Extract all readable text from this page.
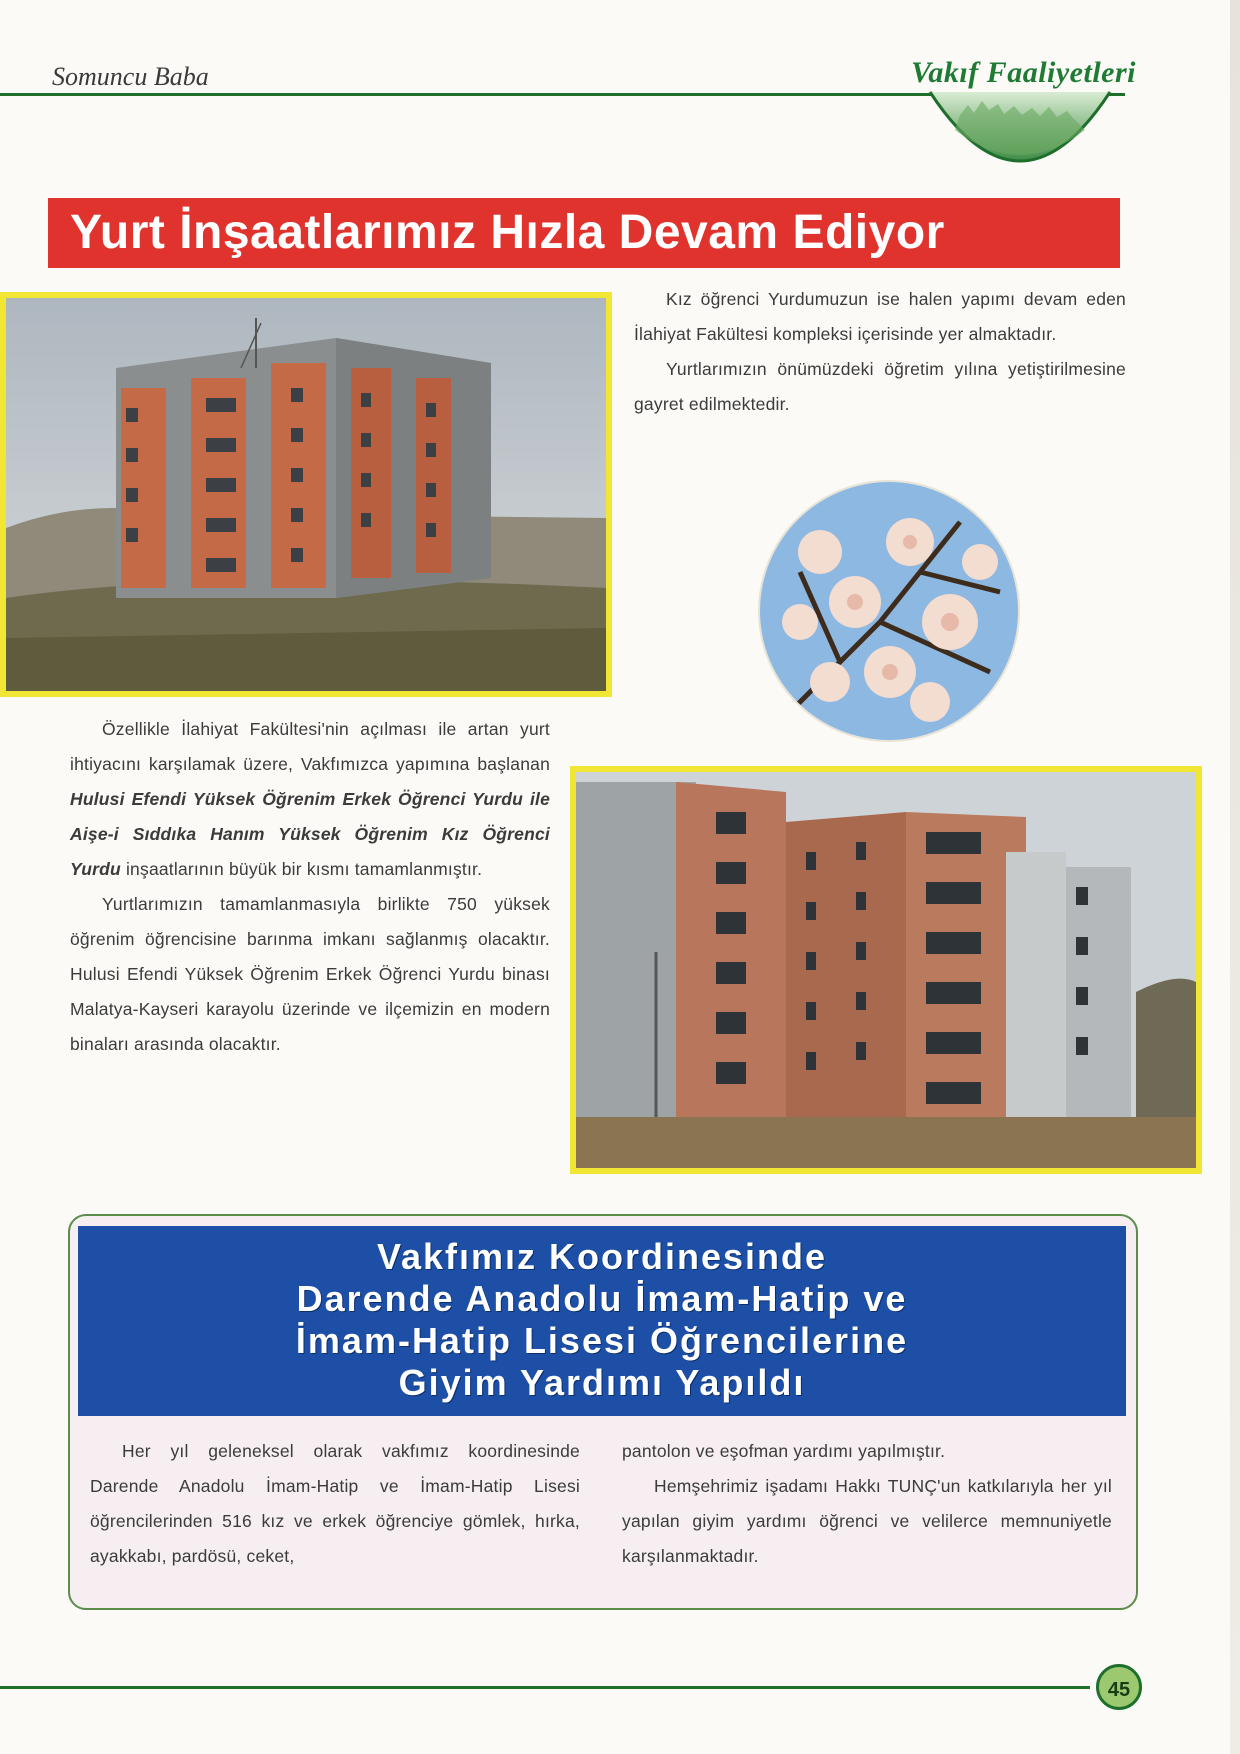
Somuncu Baba	Vakıf Faaliyetleri
Yurt İnşaatlarımız Hızla Devam Ediyor

Kız öğrenci Yurdumuzun ise halen yapımı devam eden İlahiyat Fakültesi kompleksi içerisinde yer almaktadır.

Yurtlarımızın önümüzdeki öğretim yılına yetiştirilmesine gayret edilmektedir.

Özellikle İlahiyat Fakültesi'nin açılması ile artan yurt ihtiyacını karşılamak üzere, Vakfımızca yapımına başlanan Hulusi Efendi Yüksek Öğrenim Erkek Öğrenci Yurdu ile Aişe-i Sıddıka Hanım Yüksek Öğrenim Kız Öğrenci Yurdu inşaatlarının büyük bir kısmı tamamlanmıştır.

Yurtlarımızın tamamlanmasıyla birlikte 750 yüksek öğrenim öğrencisine barınma imkanı sağlanmış olacaktır. Hulusi Efendi Yüksek Öğrenim Erkek Öğrenci Yurdu binası Malatya-Kayseri karayolu üzerinde ve ilçemizin en modern binaları arasında olacaktır.

Vakfımız Koordinesinde
Darende Anadolu İmam-Hatip ve
İmam-Hatip Lisesi Öğrencilerine
Giyim Yardımı Yapıldı

Her yıl geleneksel olarak vakfımız koordinesinde Darende Anadolu İmam-Hatip ve İmam-Hatip Lisesi öğrencilerinden 516 kız ve erkek öğrenciye gömlek, hırka, ayakkabı, pardösü, ceket,

pantolon ve eşofman yardımı yapılmıştır.

Hemşehrimiz işadamı Hakkı TUNÇ'un katkılarıyla her yıl yapılan giyim yardımı öğrenci ve velilerce memnuniyetle karşılanmaktadır.

45
